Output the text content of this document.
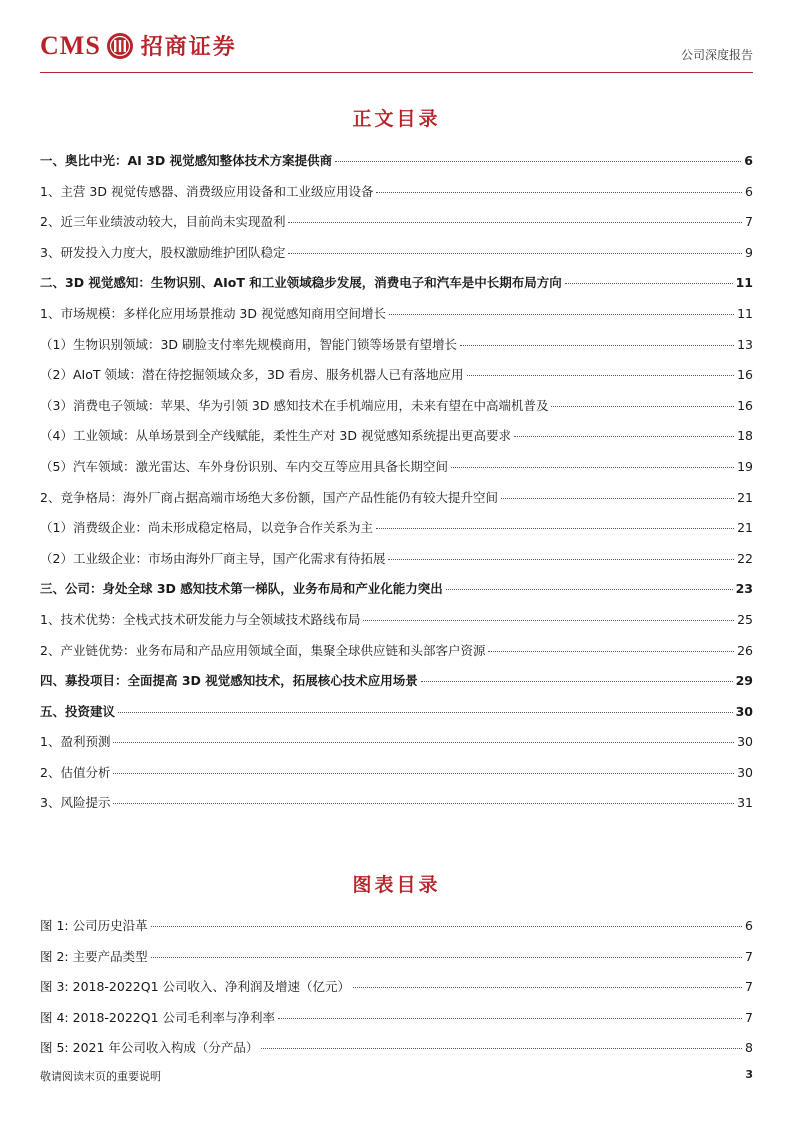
CMS 招商证券	公司深度报告
正文目录
一、奥比中光：AI 3D 视觉感知整体技术方案提供商	6
1、主营 3D 视觉传感器、消费级应用设备和工业级应用设备	6
2、近三年业绩波动较大，目前尚未实现盈利	7
3、研发投入力度大，股权激励维护团队稳定	9
二、3D 视觉感知：生物识别、AIoT 和工业领域稳步发展，消费电子和汽车是中长期布局方向	11
1、市场规模：多样化应用场景推动 3D 视觉感知商用空间增长	11
（1）生物识别领域：3D 刷脸支付率先规模商用，智能门锁等场景有望增长	13
（2）AIoT 领域：潜在待挖掘领域众多，3D 看房、服务机器人已有落地应用	16
（3）消费电子领域：苹果、华为引领 3D 感知技术在手机端应用，未来有望在中高端机普及	16
（4）工业领域：从单场景到全产线赋能，柔性生产对 3D 视觉感知系统提出更高要求	18
（5）汽车领域：激光雷达、车外身份识别、车内交互等应用具备长期空间	19
2、竞争格局：海外厂商占据高端市场绝大多份额，国产产品性能仍有较大提升空间	21
（1）消费级企业：尚未形成稳定格局，以竞争合作关系为主	21
（2）工业级企业：市场由海外厂商主导，国产化需求有待拓展	22
三、公司：身处全球 3D 感知技术第一梯队，业务布局和产业化能力突出	23
1、技术优势：全栈式技术研发能力与全领域技术路线布局	25
2、产业链优势：业务布局和产品应用领域全面，集聚全球供应链和头部客户资源	26
四、募投项目：全面提高 3D 视觉感知技术，拓展核心技术应用场景	29
五、投资建议	30
1、盈利预测	30
2、估值分析	30
3、风险提示	31
图表目录
图 1: 公司历史沿革	6
图 2: 主要产品类型	7
图 3: 2018-2022Q1 公司收入、净利润及增速（亿元）	7
图 4: 2018-2022Q1 公司毛利率与净利率	7
图 5: 2021 年公司收入构成（分产品）	8
敬请阅读末页的重要说明	3
